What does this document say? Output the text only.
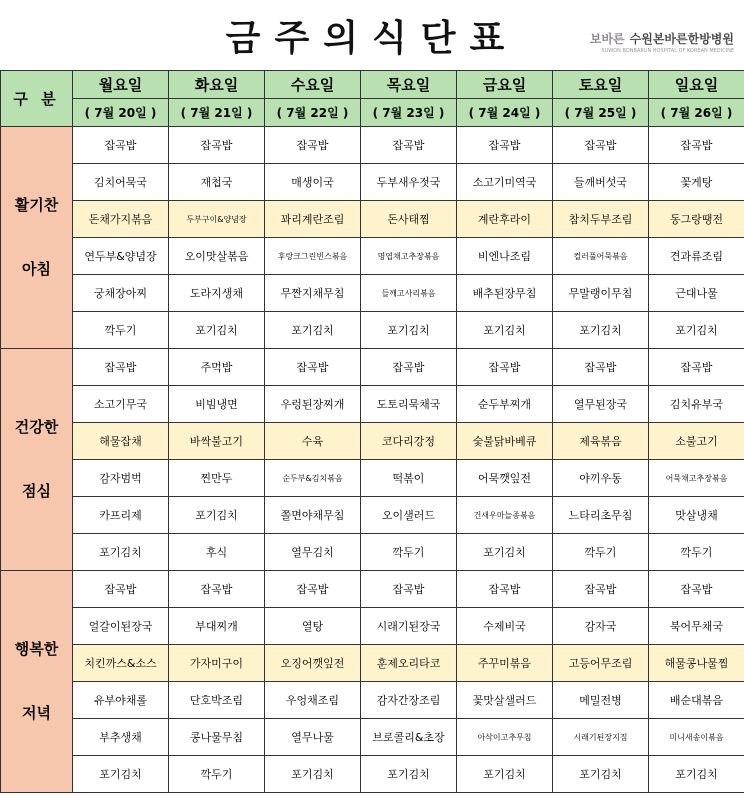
금주의식단표	보바른 수원본바른한방병원
SUWON BONBARUN HOSPITAL OF KOREAN MEDICINE
구 분	월요일	화요일	수요일	목요일	금요일	토요일	일요일
	( 7월 20일 )	( 7월 21일 )	( 7월 22일 )	( 7월 23일 )	( 7월 24일 )	( 7월 25일 )	( 7월 26일 )

활기찬
아침	잡곡밥	잡곡밥	잡곡밥	잡곡밥	잡곡밥	잡곡밥	잡곡밥
	김치어묵국	재첩국	매생이국	두부새우젓국	소고기미역국	들깨버섯국	꽃게탕
	돈채가지볶음	두부구이&양념장	꽈리계란조림	돈사태찜	계란후라이	참치두부조림	동그랑땡전
	연두부&양념장	오이맛살볶음	후랑크그린빈스볶음	명엽채고추장볶음	비엔나조림	컬러풀어묵볶음	견과류조림
	궁채장아찌	도라지생채	무짠지채무침	들깨고사리볶음	배추된장무침	무말랭이무침	근대나물
	깍두기	포기김치	포기김치	포기김치	포기김치	포기김치	포기김치

건강한
점심	잡곡밥	주먹밥	잡곡밥	잡곡밥	잡곡밥	잡곡밥	잡곡밥
	소고기무국	비빔냉면	우렁된장찌개	도토리묵채국	순두부찌개	열무된장국	김치유부국
	해물잡채	바싹불고기	수육	코다리강정	숯불닭바베큐	제육볶음	소불고기
	감자범벅	찐만두	순두부&김치볶음	떡볶이	어묵깻잎전	야끼우동	어묵채고추장볶음
	카프리제	포기김치	쫄면야채무침	오이샐러드	건새우마늘종볶음	느타리초무침	맛살냉채
	포기김치	후식	열무김치	깍두기	포기김치	깍두기	깍두기

행복한
저녁	잡곡밥	잡곡밥	잡곡밥	잡곡밥	잡곡밥	잡곡밥	잡곡밥
	얼갈이된장국	부대찌개	열탕	시래기된장국	수제비국	감자국	북어무채국
	치킨까스&소스	가자미구이	오징어깻잎전	훈제오리타코	주꾸미볶음	고등어무조림	해물콩나물찜
	유부야채롤	단호박조림	우엉채조림	감자간장조림	꽃맛살샐러드	메밀전병	배순대볶음
	부추생채	콩나물무침	열무나물	브로콜리&초장	아삭이고추무침	시래기된장지짐	미니새송이볶음
	포기김치	깍두기	포기김치	포기김치	포기김치	포기김치	포기김치
